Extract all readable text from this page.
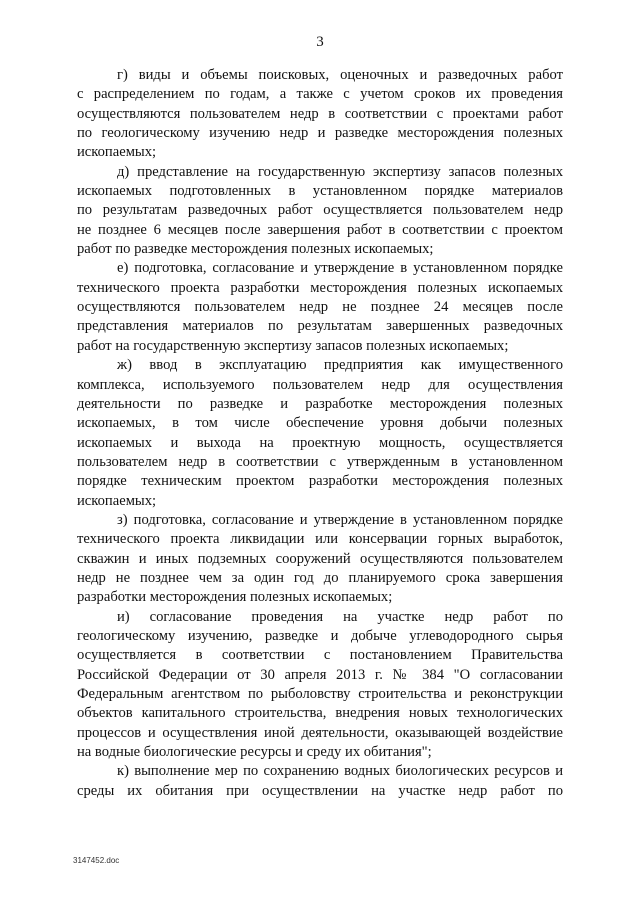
3
г) виды и объемы поисковых, оценочных и разведочных работ
с распределением по годам, а также с учетом сроков их проведения
осуществляются пользователем недр в соответствии с проектами работ
по геологическому изучению недр и разведке месторождения полезных
ископаемых;
д) представление на государственную экспертизу запасов полезных
ископаемых подготовленных в установленном порядке материалов
по результатам разведочных работ осуществляется пользователем недр
не позднее 6 месяцев после завершения работ в соответствии с проектом
работ по разведке месторождения полезных ископаемых;
е) подготовка, согласование и утверждение в установленном порядке
технического проекта разработки месторождения полезных ископаемых
осуществляются пользователем недр не позднее 24 месяцев после
представления материалов по результатам завершенных разведочных
работ на государственную экспертизу запасов полезных ископаемых;
ж) ввод в эксплуатацию предприятия как имущественного
комплекса, используемого пользователем недр для осуществления
деятельности по разведке и разработке месторождения полезных
ископаемых, в том числе обеспечение уровня добычи полезных
ископаемых и выхода на проектную мощность, осуществляется
пользователем недр в соответствии с утвержденным в установленном
порядке техническим проектом разработки месторождения полезных
ископаемых;
з) подготовка, согласование и утверждение в установленном порядке
технического проекта ликвидации или консервации горных выработок,
скважин и иных подземных сооружений осуществляются пользователем
недр не позднее чем за один год до планируемого срока завершения
разработки месторождения полезных ископаемых;
и) согласование проведения на участке недр работ по
геологическому изучению, разведке и добыче углеводородного сырья
осуществляется в соответствии с постановлением Правительства
Российской Федерации от 30 апреля 2013 г. № 384 "О согласовании
Федеральным агентством по рыболовству строительства и реконструкции
объектов капитального строительства, внедрения новых технологических
процессов и осуществления иной деятельности, оказывающей воздействие
на водные биологические ресурсы и среду их обитания";
к) выполнение мер по сохранению водных биологических ресурсов и
среды их обитания при осуществлении на участке недр работ по
3147452.doc
